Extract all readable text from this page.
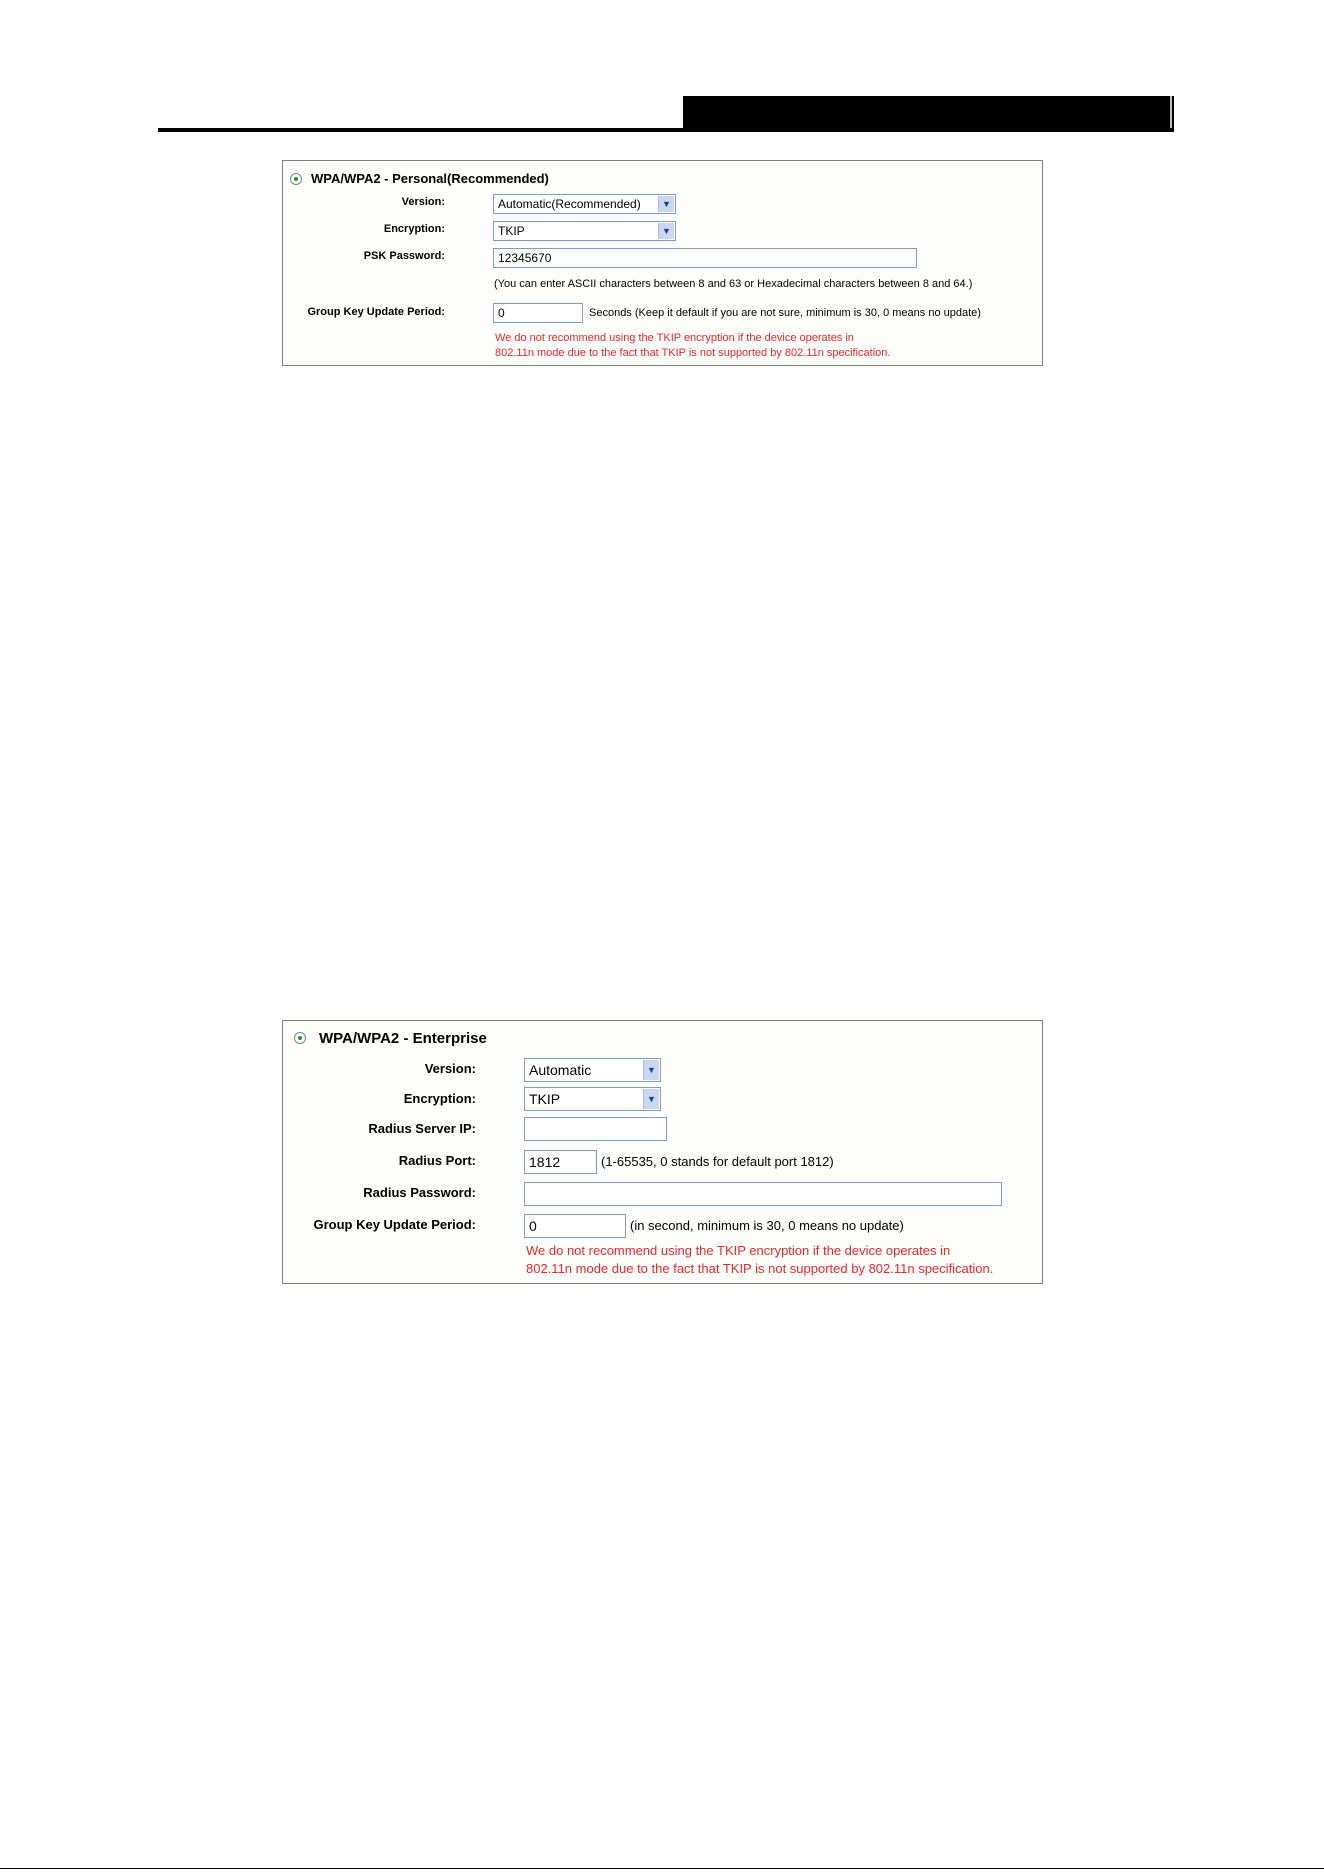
WPA/WPA2 - Personal(Recommended)
Version:	Automatic(Recommended)	▼
Encryption:	TKIP	▼
PSK Password:	12345670
(You can enter ASCII characters between 8 and 63 or Hexadecimal characters between 8 and 64.)
Group Key Update Period:	0	Seconds (Keep it default if you are not sure, minimum is 30, 0 means no update)
We do not recommend using the TKIP encryption if the device operates in
802.11n mode due to the fact that TKIP is not supported by 802.11n specification.
WPA/WPA2 - Enterprise
Version:	Automatic	▼
Encryption:	TKIP	▼
Radius Server IP:
Radius Port:	1812	(1-65535, 0 stands for default port 1812)
Radius Password:
Group Key Update Period:	0	(in second, minimum is 30, 0 means no update)
We do not recommend using the TKIP encryption if the device operates in
802.11n mode due to the fact that TKIP is not supported by 802.11n specification.
